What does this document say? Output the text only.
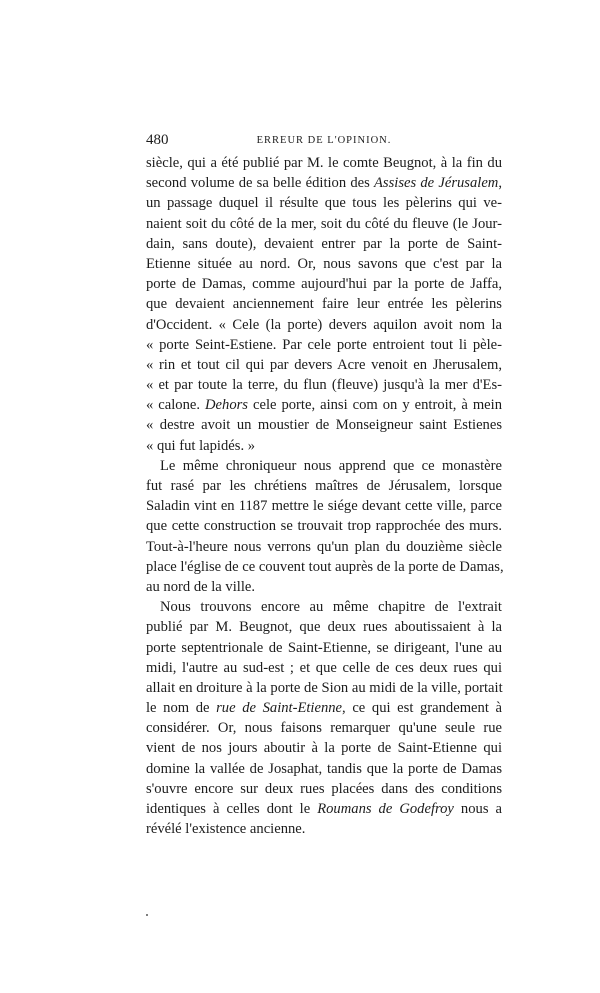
480	ERREUR DE L'OPINION.
siècle, qui a été publié par M. le comte Beugnot, à la fin du
second volume de sa belle édition des Assises de Jérusalem,
un passage duquel il résulte que tous les pèlerins qui ve-
naient soit du côté de la mer, soit du côté du fleuve (le Jour-
dain, sans doute), devaient entrer par la porte de Saint-
Etienne située au nord. Or, nous savons que c'est par la
porte de Damas, comme aujourd'hui par la porte de Jaffa,
que devaient anciennement faire leur entrée les pèlerins
d'Occident. « Cele (la porte) devers aquilon avoit nom la
« porte Seint-Estiene. Par cele porte entroient tout li pèle-
« rin et tout cil qui par devers Acre venoit en Jherusalem,
« et par toute la terre, du flun (fleuve) jusqu'à la mer d'Es-
« calone. Dehors cele porte, ainsi com on y entroit, à mein
« destre avoit un moustier de Monseigneur saint Estienes
« qui fut lapidés. »
Le même chroniqueur nous apprend que ce monastère
fut rasé par les chrétiens maîtres de Jérusalem, lorsque
Saladin vint en 1187 mettre le siége devant cette ville, parce
que cette construction se trouvait trop rapprochée des murs.
Tout-à-l'heure nous verrons qu'un plan du douzième siècle
place l'église de ce couvent tout auprès de la porte de Damas,
au nord de la ville.
Nous trouvons encore au même chapitre de l'extrait
publié par M. Beugnot, que deux rues aboutissaient à la
porte septentrionale de Saint-Etienne, se dirigeant, l'une au
midi, l'autre au sud-est ; et que celle de ces deux rues qui
allait en droiture à la porte de Sion au midi de la ville, portait
le nom de rue de Saint-Etienne, ce qui est grandement à
considérer. Or, nous faisons remarquer qu'une seule rue
vient de nos jours aboutir à la porte de Saint-Etienne qui
domine la vallée de Josaphat, tandis que la porte de Damas
s'ouvre encore sur deux rues placées dans des conditions
identiques à celles dont le Roumans de Godefroy nous a
révélé l'existence ancienne.
